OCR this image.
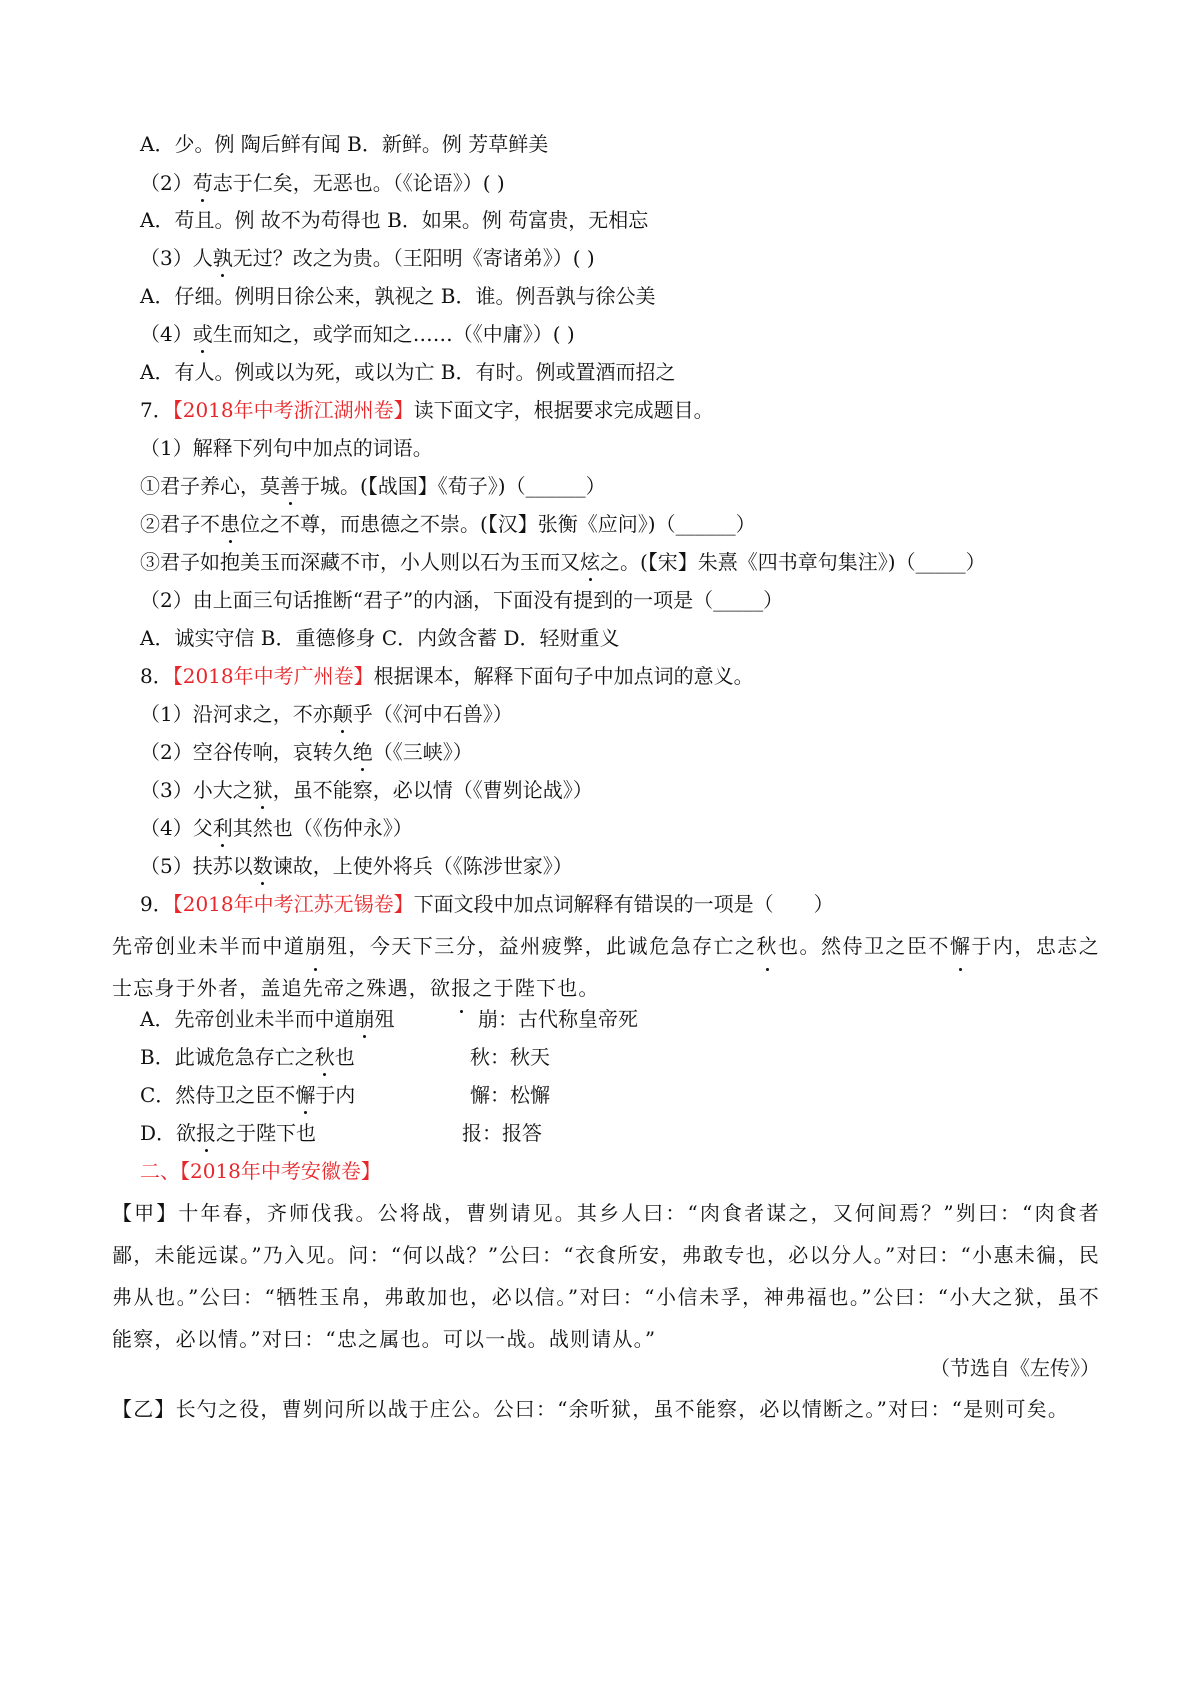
A．少。例 陶后鲜有闻 B．新鲜。例 芳草鲜美
（2）苟志于仁矣，无恶也。（《论语》）( )
A．苟且。例 故不为苟得也 B．如果。例 苟富贵，无相忘
（3）人孰无过？改之为贵。（王阳明《寄诸弟》）( )
A．仔细。例明日徐公来，孰视之 B．谁。例吾孰与徐公美
（4）或生而知之，或学而知之……（《中庸》）( )
A．有人。例或以为死，或以为亡 B．有时。例或置酒而招之
7．【2018年中考浙江湖州卷】读下面文字，根据要求完成题目。
（1）解释下列句中加点的词语。
①君子养心，莫善于城。(【战国】《荀子》)（______）
②君子不患位之不尊，而患德之不崇。(【汉】张衡《应问》)（______）
③君子如抱美玉而深藏不市，小人则以石为玉而又炫之。(【宋】朱熹《四书章句集注》)（_____）
（2）由上面三句话推断“君子”的内涵，下面没有提到的一项是（_____）
A．诚实守信 B．重德修身 C．内敛含蓄 D．轻财重义
8．【2018年中考广州卷】根据课本，解释下面句子中加点词的意义。
（1）沿河求之，不亦颠乎（《河中石兽》）
（2）空谷传响，哀转久绝（《三峡》）
（3）小大之狱，虽不能察，必以情（《曹刿论战》）
（4）父利其然也（《伤仲永》）
（5）扶苏以数谏故，上使外将兵（《陈涉世家》）
9．【2018年中考江苏无锡卷】下面文段中加点词解释有错误的一项是（　　）
先帝创业未半而中道崩殂，今天下三分，益州疲弊，此诚危急存亡之秋也。然侍卫之臣不懈于内，忠志之士忘身于外者，盖追先帝之殊遇，欲报之于陛下也。
A．先帝创业未半而中道崩殂	崩：古代称皇帝死
B．此诚危急存亡之秋也	秋：秋天
C．然侍卫之臣不懈于内	懈：松懈
D．欲报之于陛下也	报：报答
二、【2018年中考安徽卷】
【甲】十年春，齐师伐我。公将战，曹刿请见。其乡人曰：“肉食者谋之，又何间焉？”刿曰：“肉食者鄙，未能远谋。”乃入见。问：“何以战？”公曰：“衣食所安，弗敢专也，必以分人。”对曰：“小惠未徧，民弗从也。”公曰：“牺牲玉帛，弗敢加也，必以信。”对曰：“小信未孚，神弗福也。”公曰：“小大之狱，虽不能察，必以情。”对曰：“忠之属也。可以一战。战则请从。”
（节选自《左传》）
【乙】长勺之役，曹刿问所以战于庄公。公曰：“余听狱，虽不能察，必以情断之。”对曰：“是则可矣。
